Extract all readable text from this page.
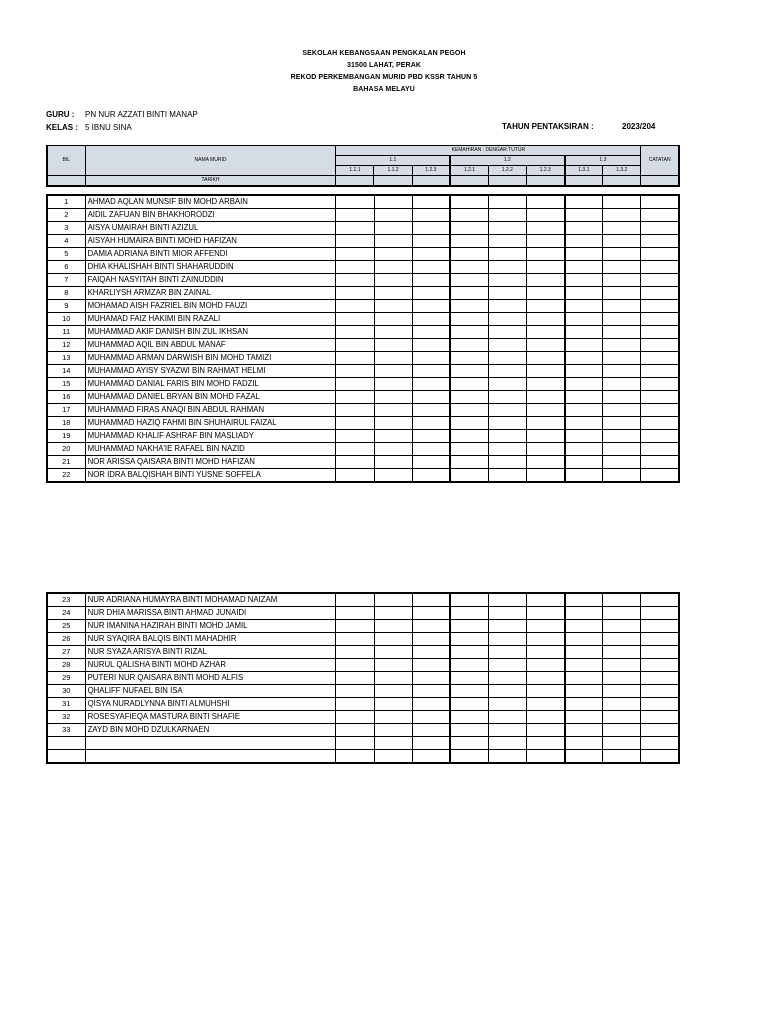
SEKOLAH KEBANGSAAN PENGKALAN PEGOH
31500 LAHAT, PERAK
REKOD PERKEMBANGAN MURID PBD KSSR TAHUN 5
BAHASA MELAYU
GURU : PN NUR AZZATI BINTI MANAP
KELAS : 5 IBNU SINA	TAHUN PENTAKSIRAN :	2023/204
BIL	NAMA MURID	KEMAHIRAN : DENGAR TUTUR								CATATAN
		1.1			1.2			1.3		
		1.1.1	1.1.2	1.2.3	1.2.1	1.2.2	1.2.3	1.3.1	1.3.2	
	TARIKH									
1	AHMAD AQLAN MUNSIF BIN MOHD ARBAIN									
2	AIDIL ZAFUAN BIN BHAKHORODZI									
3	AISYA UMAIRAH BINTI AZIZUL									
4	AISYAH HUMAIRA BINTI MOHD HAFIZAN									
5	DAMIA ADRIANA BINTI MIOR AFFENDI									
6	DHIA KHALISHAH BINTI SHAHARUDDIN									
7	FAIQAH NASYITAH BINTI ZAINUDDIN									
8	KHARLIYSH ARMZAR BIN ZAINAL									
9	MOHAMAD AISH FAZRIEL BIN MOHD FAUZI									
10	MUHAMAD FAIZ HAKIMI BIN RAZALI									
11	MUHAMMAD AKIF DANISH BIN ZUL IKHSAN									
12	MUHAMMAD AQIL BIN ABDUL MANAF									
13	MUHAMMAD ARMAN DARWISH BIN MOHD TAMIZI									
14	MUHAMMAD AYISY SYAZWI BIN RAHMAT HELMI									
15	MUHAMMAD DANIAL FARIS BIN MOHD FADZIL									
16	MUHAMMAD DANIEL BRYAN BIN MOHD FAZAL									
17	MUHAMMAD FIRAS ANAQI BIN ABDUL RAHMAN									
18	MUHAMMAD HAZIQ FAHMI BIN SHUHAIRUL FAIZAL									
19	MUHAMMAD KHALIF ASHRAF BIN MASLIADY									
20	MUHAMMAD NAKHA'IE RAFAEL BIN NAZID									
21	NOR ARISSA QAISARA BINTI MOHD HAFIZAN									
22	NOR IDRA BALQISHAH BINTI YUSNE SOFFELA									
23	NUR ADRIANA HUMAYRA BINTI MOHAMAD NAIZAM									
24	NUR DHIA MARISSA BINTI AHMAD JUNAIDI									
25	NUR IMANINA HAZIRAH BINTI MOHD JAMIL									
26	NUR SYAQIRA BALQIS BINTI MAHADHIR									
27	NUR SYAZA ARISYA BINTI RIZAL									
28	NURUL QALISHA BINTI MOHD AZHAR									
29	PUTERI NUR QAISARA BINTI MOHD ALFIS									
30	QHALIFF NUFAEL BIN ISA									
31	QISYA NURADLYNNA BINTI ALMUHSHI									
32	ROSESYAFIEQA MASTURA BINTI SHAFIE									
33	ZAYD BIN MOHD DZULKARNAEN									
